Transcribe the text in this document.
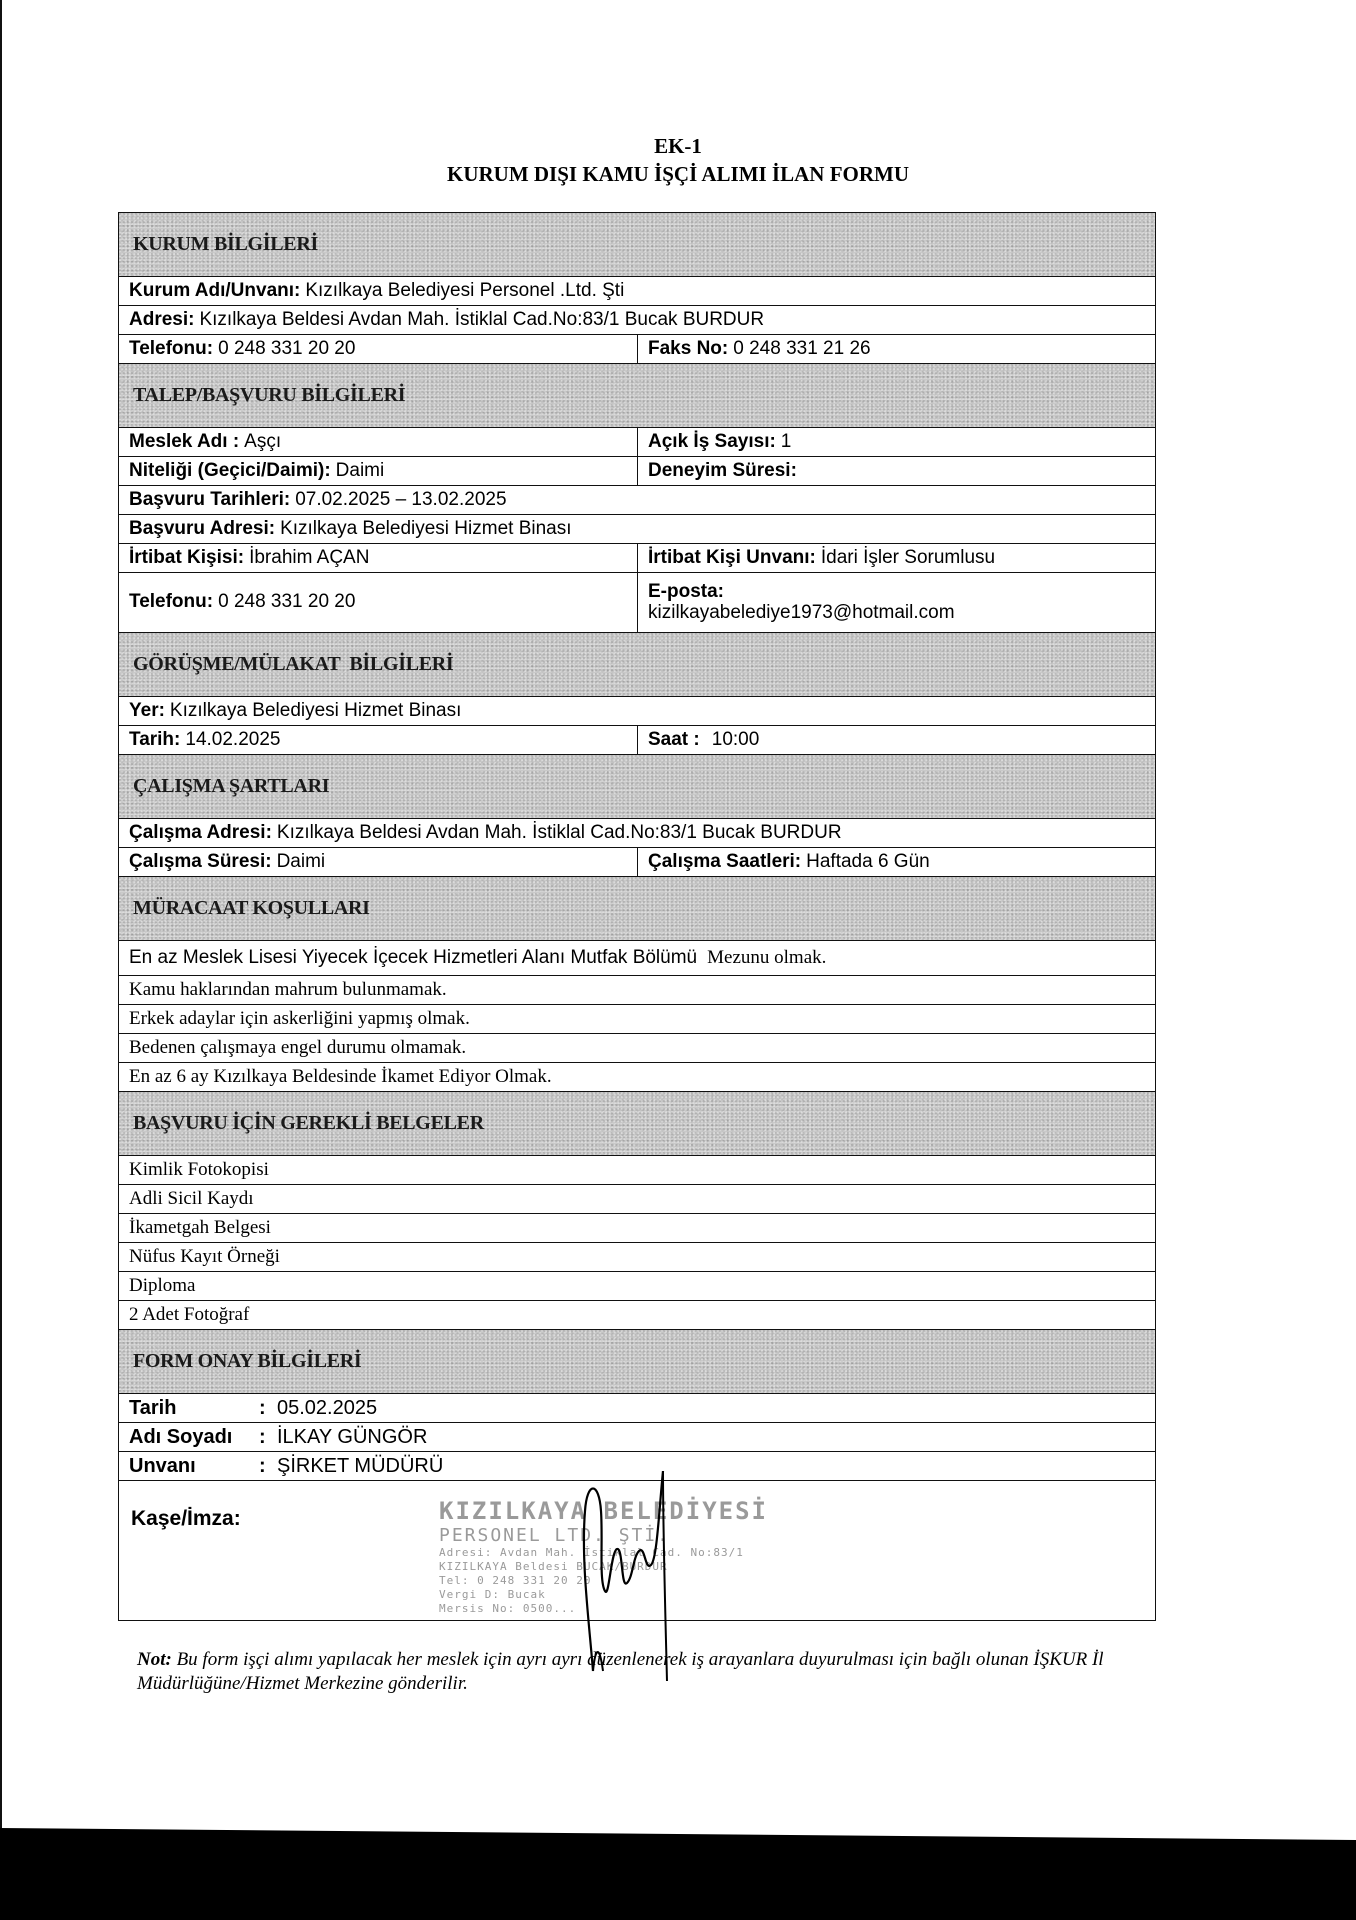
EK-1
KURUM DIŞI KAMU İŞÇİ ALIMI İLAN FORMU
KURUM BİLGİLERİ
Kurum Adı/Unvanı: Kızılkaya Belediyesi Personel .Ltd. Şti
Adresi: Kızılkaya Beldesi Avdan Mah. İstiklal Cad.No:83/1 Bucak BURDUR
Telefonu: 0 248 331 20 20	Faks No: 0 248 331 21 26
TALEP/BAŞVURU BİLGİLERİ
Meslek Adı : Aşçı	Açık İş Sayısı: 1
Niteliği (Geçici/Daimi): Daimi	Deneyim Süresi:
Başvuru Tarihleri: 07.02.2025 – 13.02.2025
Başvuru Adresi: Kızılkaya Belediyesi Hizmet Binası
İrtibat Kişisi: İbrahim AÇAN	İrtibat Kişi Unvanı: İdari İşler Sorumlusu
Telefonu: 0 248 331 20 20	E-posta:
kizilkayabelediye1973@hotmail.com
GÖRÜŞME/MÜLAKAT  BİLGİLERİ
Yer: Kızılkaya Belediyesi Hizmet Binası
Tarih: 14.02.2025	Saat : 10:00
ÇALIŞMA ŞARTLARI
Çalışma Adresi: Kızılkaya Beldesi Avdan Mah. İstiklal Cad.No:83/1 Bucak BURDUR
Çalışma Süresi: Daimi	Çalışma Saatleri: Haftada 6 Gün
MÜRACAAT KOŞULLARI
En az Meslek Lisesi Yiyecek İçecek Hizmetleri Alanı Mutfak Bölümü Mezunu olmak.
Kamu haklarından mahrum bulunmamak.
Erkek adaylar için askerliğini yapmış olmak.
Bedenen çalışmaya engel durumu olmamak.
En az 6 ay Kızılkaya Beldesinde İkamet Ediyor Olmak.
BAŞVURU İÇİN GEREKLİ BELGELER
Kimlik Fotokopisi
Adli Sicil Kaydı
İkametgah Belgesi
Nüfus Kayıt Örneği
Diploma
2 Adet Fotoğraf
FORM ONAY BİLGİLERİ
Tarih	: 05.02.2025
Adı Soyadı	: İLKAY GÜNGÖR
Unvanı	: ŞİRKET MÜDÜRÜ
Kaşe/İmza:	KIZILKAYA BELEDİYESİ
PERSONEL LTD. ŞTİ.
Adresi: Avdan Mah. İstiklal Cad. No:83/1
KIZILKAYA Beldesi BUCAK/BURDUR
Tel: 0 248 331 20 20
Vergi D: Bucak
Mersis No: 0500...
Not: Bu form işçi alımı yapılacak her meslek için ayrı ayrı düzenlenerek iş arayanlara duyurulması için bağlı olunan İŞKUR İl Müdürlüğüne/Hizmet Merkezine gönderilir.
